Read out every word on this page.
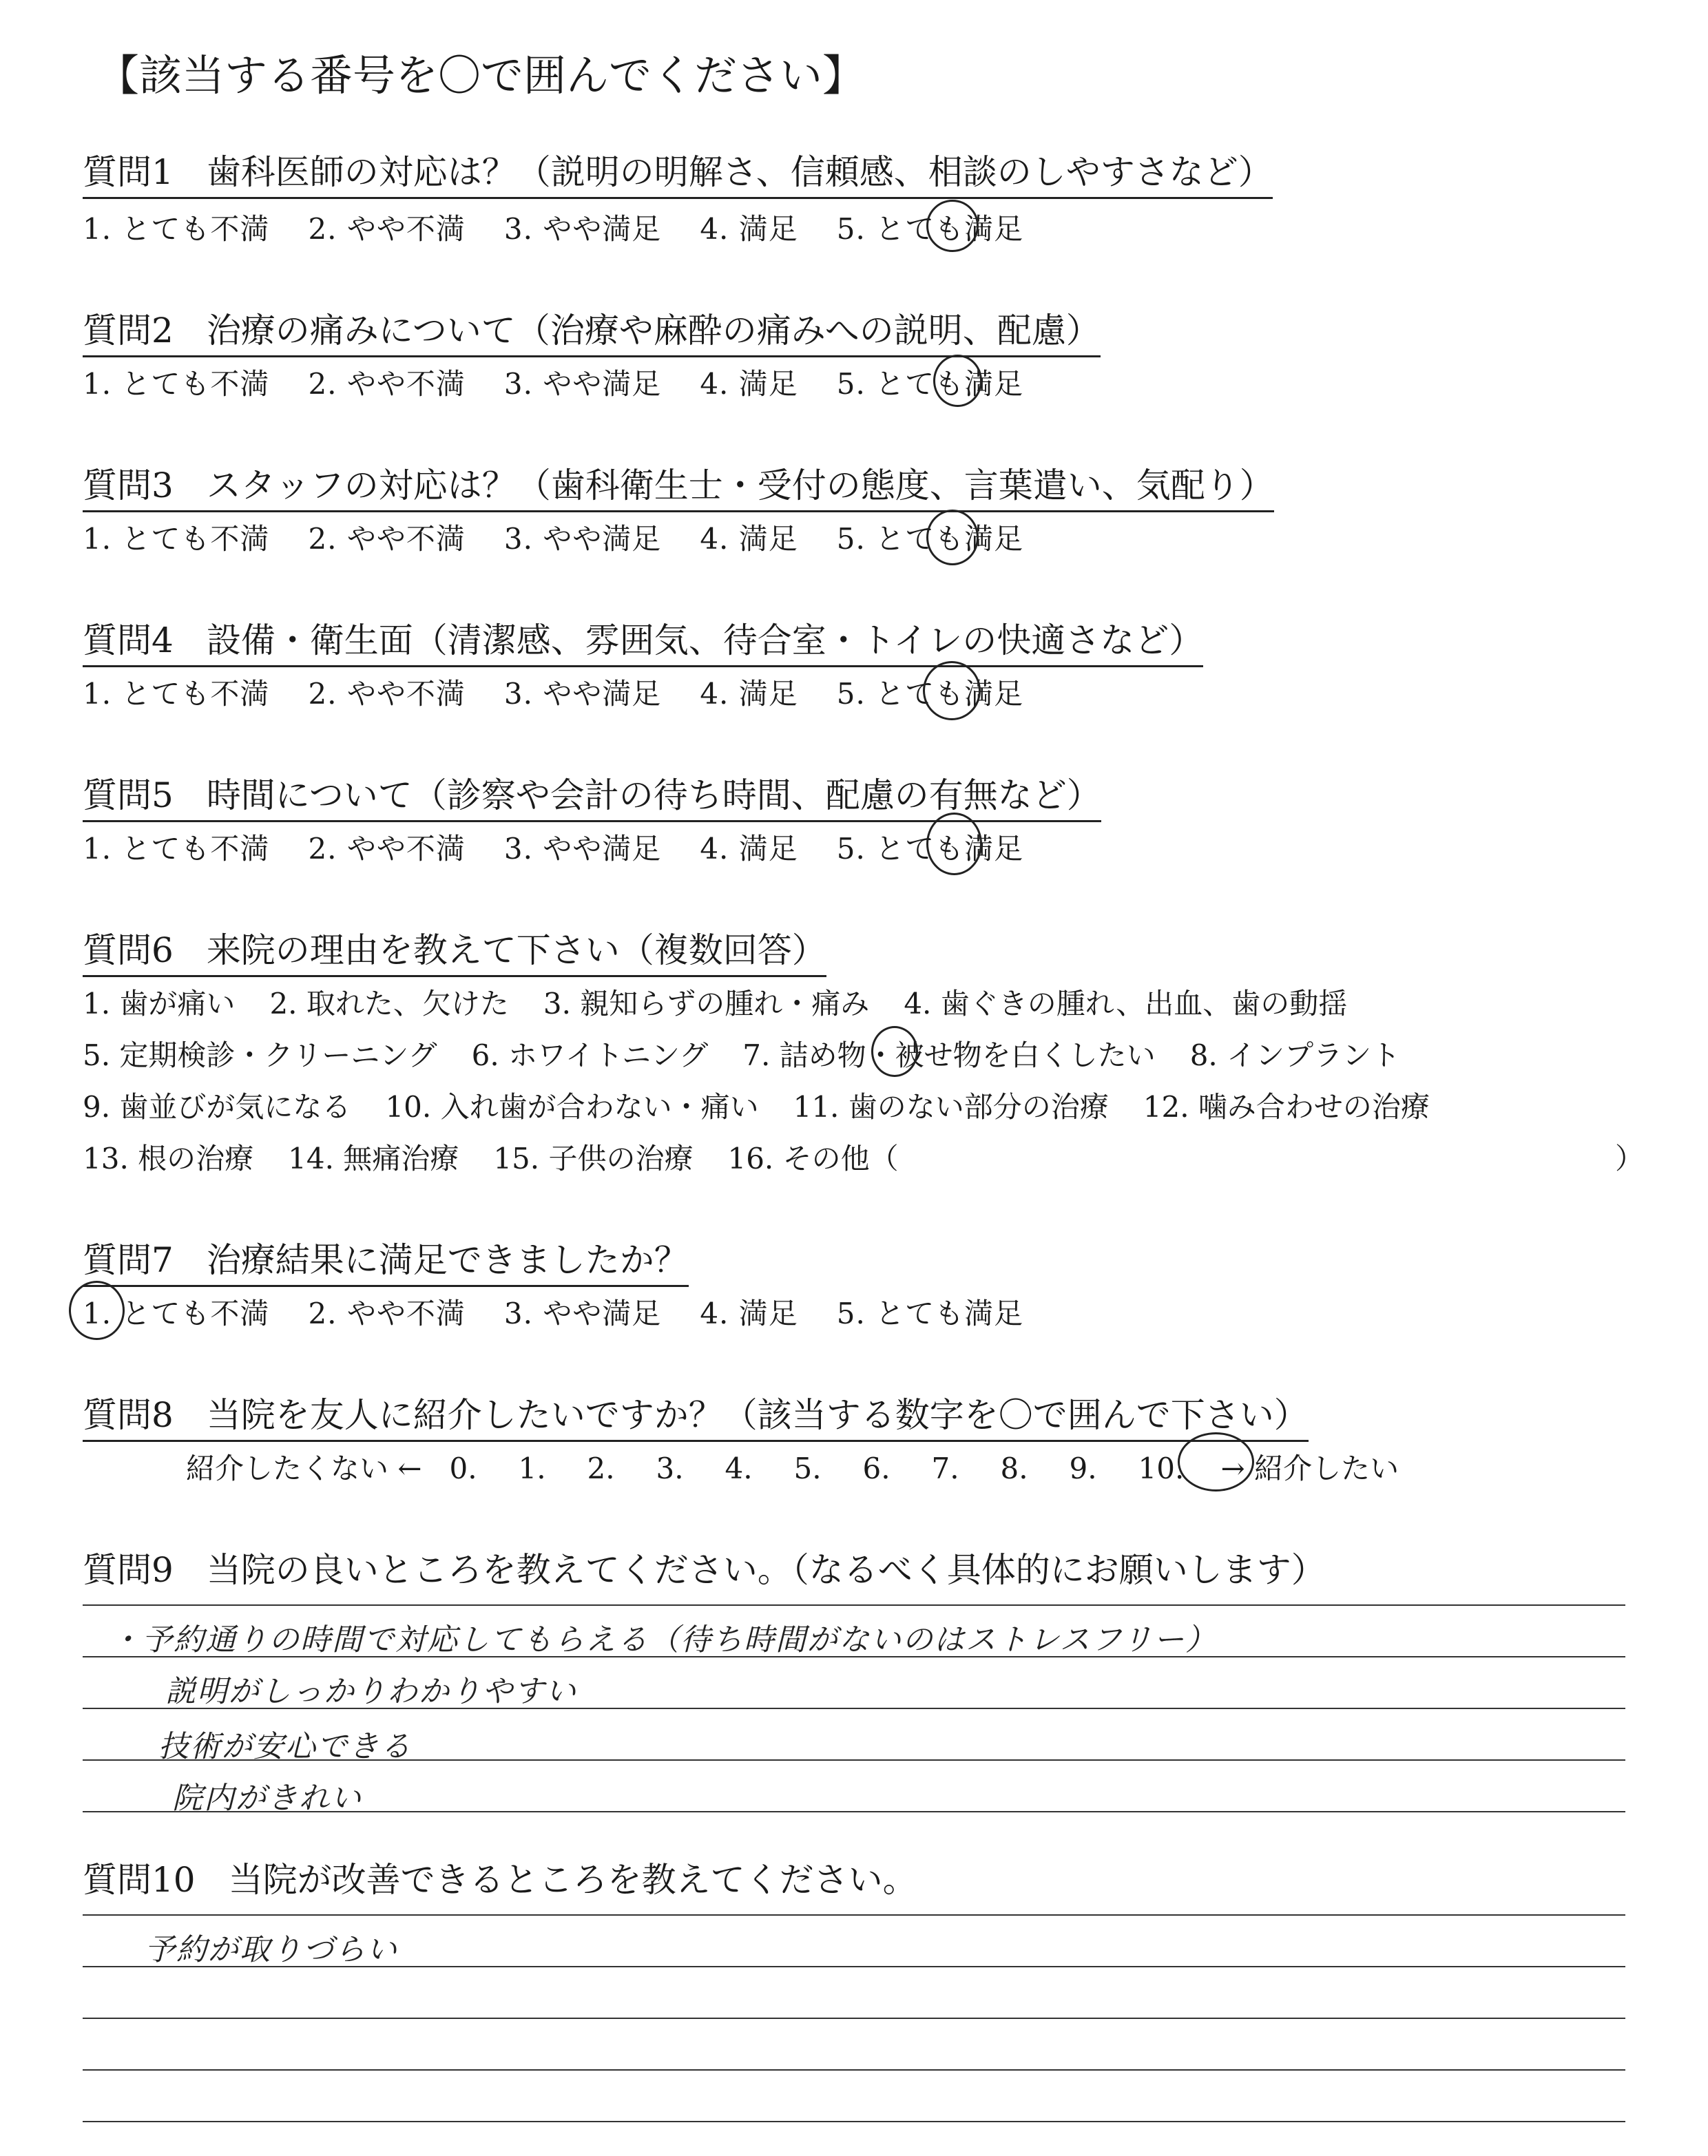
【該当する番号を〇で囲んでください】
質問1 歯科医師の対応は？（説明の明解さ、信頼感、相談のしやすさなど）
1. とても不満 2. やや不満 3. やや満足 4. 満足 5. とても満足
質問2 治療の痛みについて（治療や麻酔の痛みへの説明、配慮）
1. とても不満 2. やや不満 3. やや満足 4. 満足 5. とても満足
質問3 スタッフの対応は？（歯科衛生士・受付の態度、言葉遣い、気配り）
1. とても不満 2. やや不満 3. やや満足 4. 満足 5. とても満足
質問4 設備・衛生面（清潔感、雰囲気、待合室・トイレの快適さなど）
1. とても不満 2. やや不満 3. やや満足 4. 満足 5. とても満足
質問5 時間について（診察や会計の待ち時間、配慮の有無など）
1. とても不満 2. やや不満 3. やや満足 4. 満足 5. とても満足
質問6 来院の理由を教えて下さい（複数回答）
1. 歯が痛い 2. 取れた、欠けた 3. 親知らずの腫れ・痛み 4. 歯ぐきの腫れ、出血、歯の動揺
5. 定期検診・クリーニング 6. ホワイトニング 7. 詰め物・被せ物を白くしたい 8. インプラント
9. 歯並びが気になる 10. 入れ歯が合わない・痛い 11. 歯のない部分の治療 12. 噛み合わせの治療
13. 根の治療 14. 無痛治療 15. 子供の治療 16. その他（	）
質問7 治療結果に満足できましたか？
1. とても不満 2. やや不満 3. やや満足 4. 満足 5. とても満足
質問8 当院を友人に紹介したいですか？（該当する数字を〇で囲んで下さい）
紹介したくない ← 0. 1. 2. 3. 4. 5. 6. 7. 8. 9. 10. → 紹介したい
質問9 当院の良いところを教えてください。（なるべく具体的にお願いします）
・予約通りの時間で対応してもらえる（待ち時間がないのはストレスフリー）
説明がしっかりわかりやすい
技術が安心できる
院内がきれい
質問10 当院が改善できるところを教えてください。
予約が取りづらい
